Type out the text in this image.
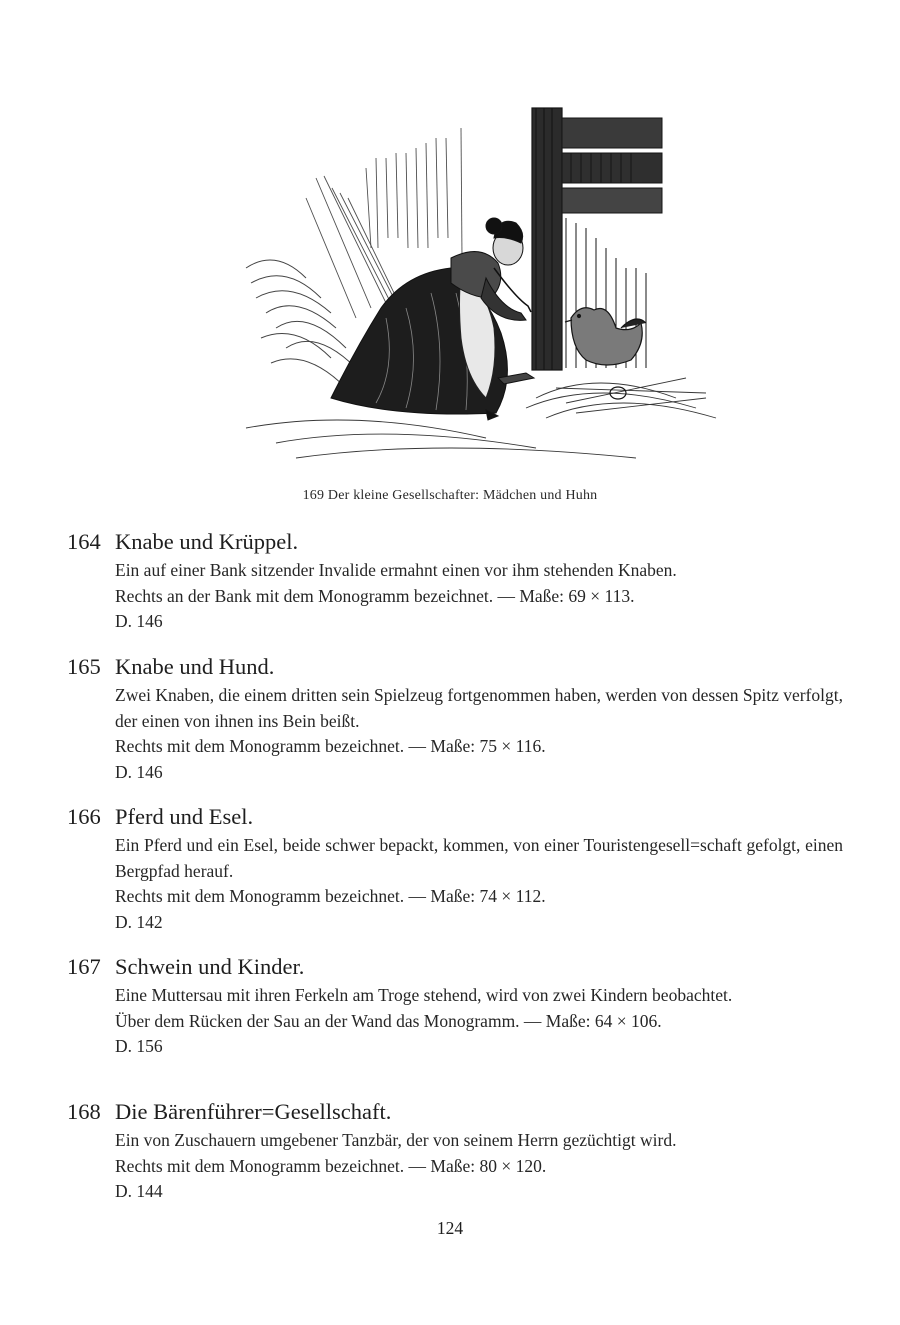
169 Der kleine Gesellschafter: Mädchen und Huhn
164 Knabe und Krüppel.

Ein auf einer Bank sitzender Invalide ermahnt einen vor ihm stehenden Knaben.

Rechts an der Bank mit dem Monogramm bezeichnet. — Maße: 69 × 113.

D. 146

165 Knabe und Hund.

Zwei Knaben, die einem dritten sein Spielzeug fortgenommen haben, werden von dessen Spitz verfolgt, der einen von ihnen ins Bein beißt.

Rechts mit dem Monogramm bezeichnet. — Maße: 75 × 116.

D. 146

166 Pferd und Esel.

Ein Pferd und ein Esel, beide schwer bepackt, kommen, von einer Touristengesell=schaft gefolgt, einen Bergpfad herauf.

Rechts mit dem Monogramm bezeichnet. — Maße: 74 × 112.

D. 142

167 Schwein und Kinder.

Eine Muttersau mit ihren Ferkeln am Troge stehend, wird von zwei Kindern beobachtet.

Über dem Rücken der Sau an der Wand das Monogramm. — Maße: 64 × 106.

D. 156

168 Die Bärenführer=Gesellschaft.

Ein von Zuschauern umgebener Tanzbär, der von seinem Herrn gezüchtigt wird.

Rechts mit dem Monogramm bezeichnet. — Maße: 80 × 120.

D. 144

124
